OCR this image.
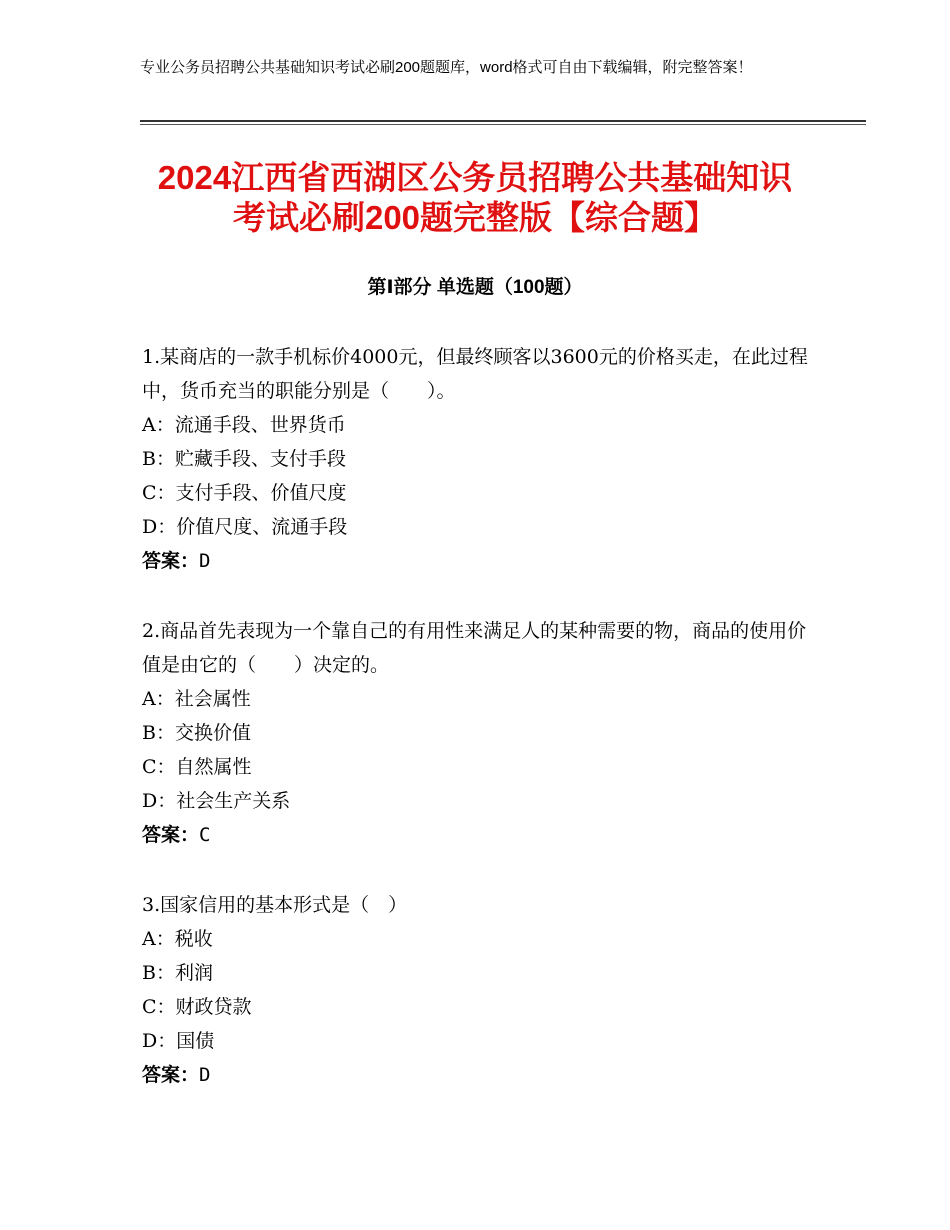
专业公务员招聘公共基础知识考试必刷200题题库，word格式可自由下载编辑，附完整答案！
2024江西省西湖区公务员招聘公共基础知识
考试必刷200题完整版【综合题】
第Ⅰ部分 单选题（100题）
1.某商店的一款手机标价4000元，但最终顾客以3600元的价格买走，在此过程中，货币充当的职能分别是（　　）。
A：流通手段、世界货币
B：贮藏手段、支付手段
C：支付手段、价值尺度
D：价值尺度、流通手段
答案：D
2.商品首先表现为一个靠自己的有用性来满足人的某种需要的物，商品的使用价值是由它的（　　）决定的。
A：社会属性
B：交换价值
C：自然属性
D：社会生产关系
答案：C
3.国家信用的基本形式是（　）
A：税收
B：利润
C：财政贷款
D：国债
答案：D
